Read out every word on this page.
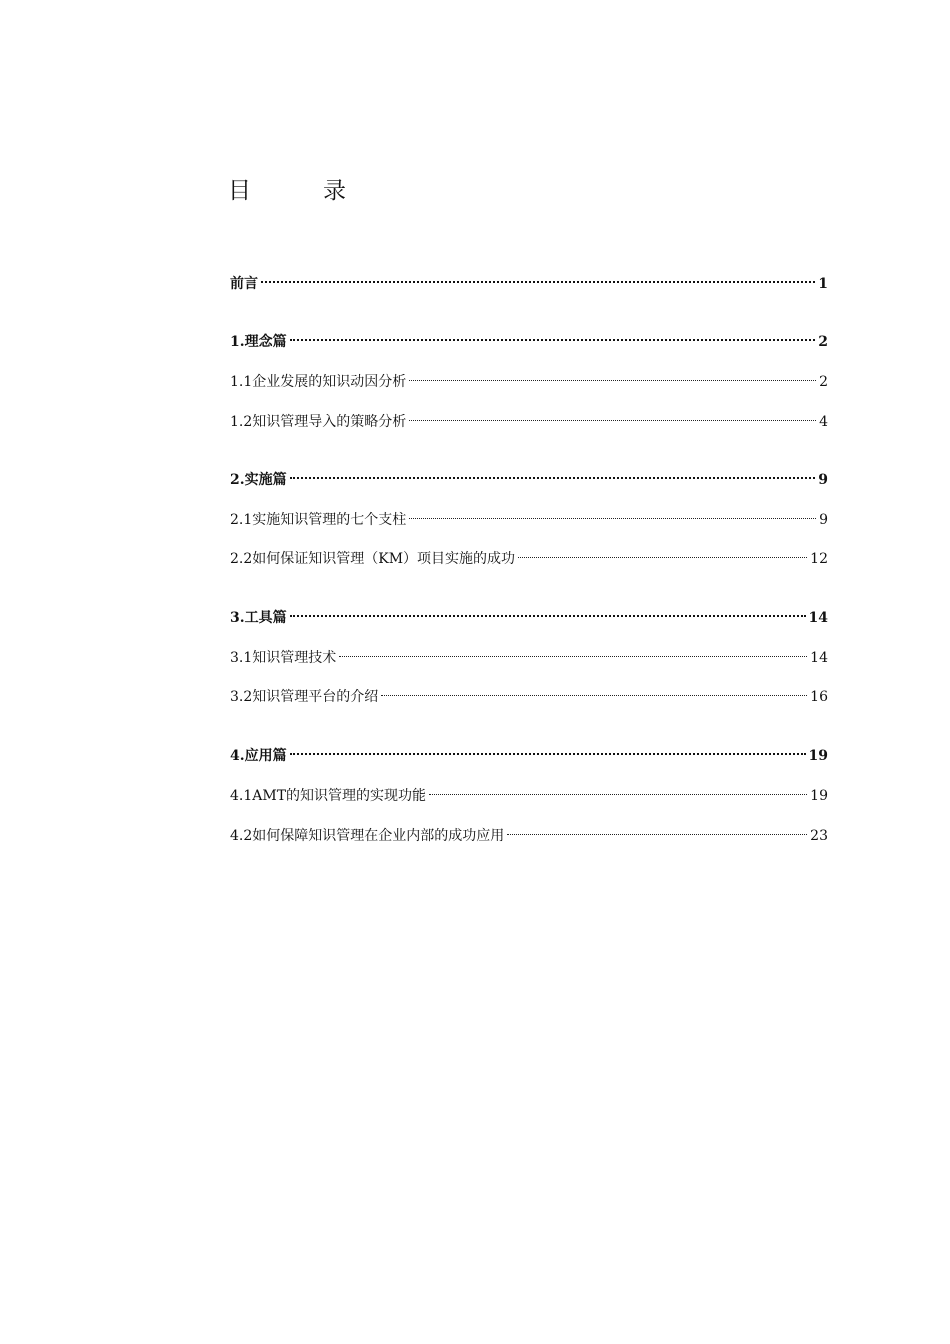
目	录
前言	1
1. 理念篇	2
1.1 企业发展的知识动因分析	2
1.2 知识管理导入的策略分析	4
2. 实施篇	9
2.1 实施知识管理的七个支柱	9
2.2 如何保证知识管理（KM）项目实施的成功	12
3. 工具篇	14
3.1 知识管理技术	14
3.2 知识管理平台的介绍	16
4. 应用篇	19
4.1 AMT的知识管理的实现功能	19
4.2 如何保障知识管理在企业内部的成功应用	23
